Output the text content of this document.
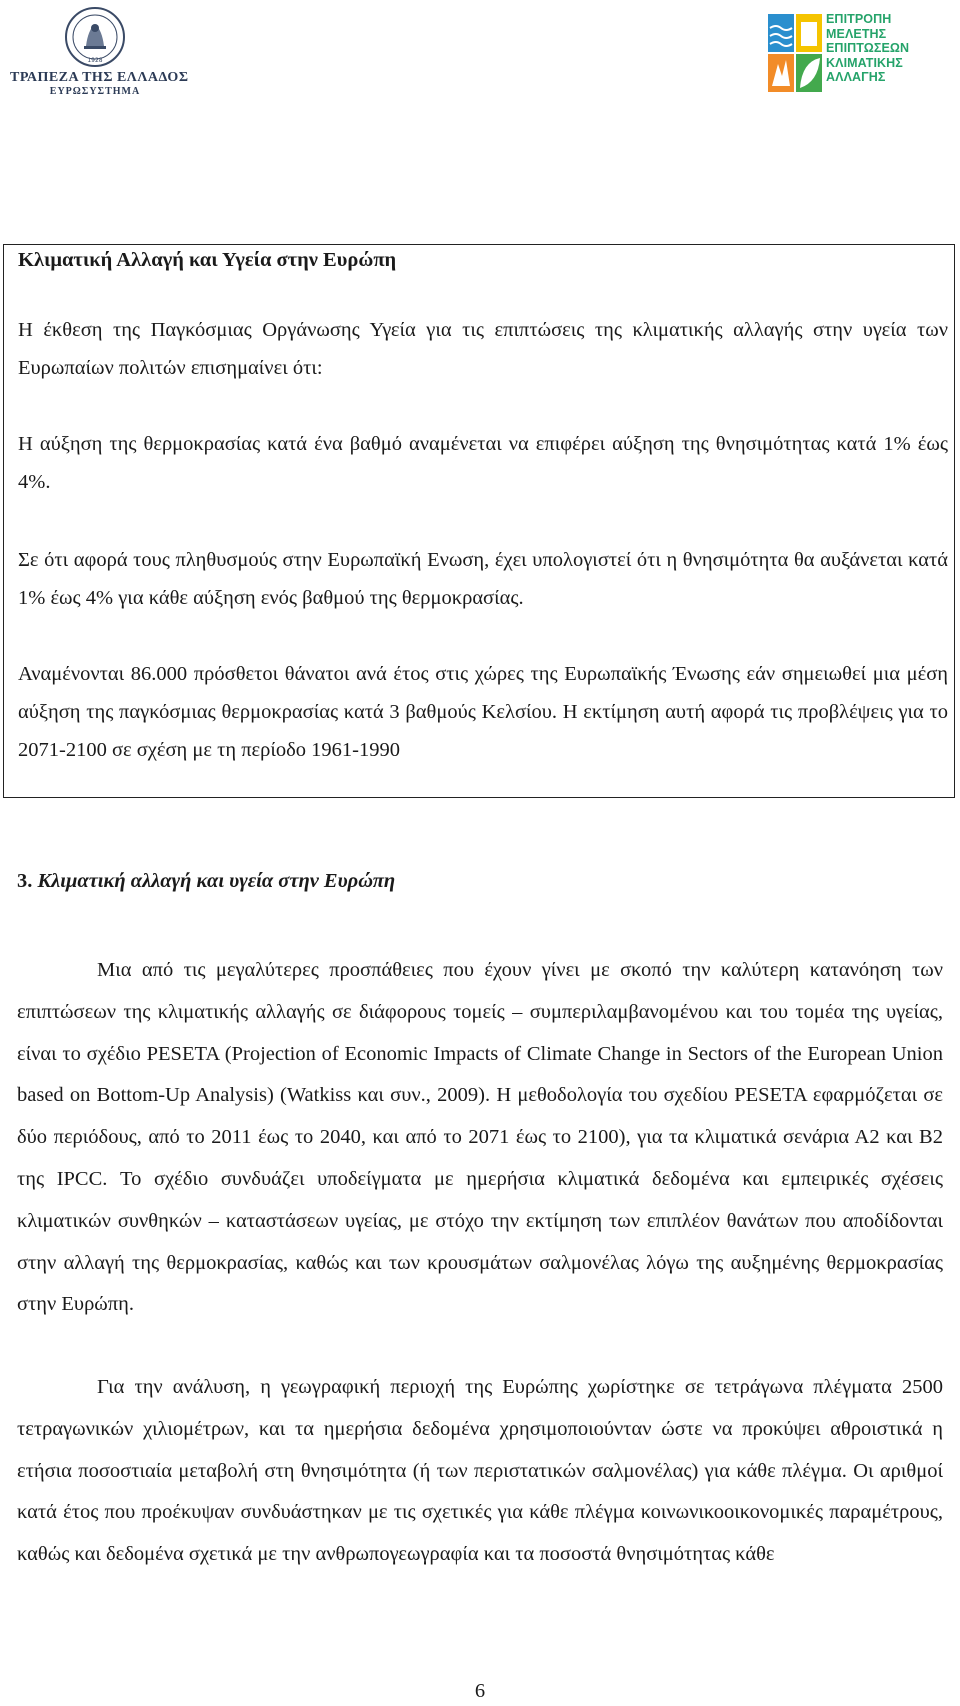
1928
ΤΡΑΠΕΖΑ ΤΗΣ ΕΛΛΑΔΟΣ
ΕΥΡΩΣΥΣΤΗΜΑ
ΕΠΙΤΡΟΠΗ
ΜΕΛΕΤΗΣ
ΕΠΙΠΤΩΣΕΩΝ
ΚΛΙΜΑΤΙΚΗΣ
ΑΛΛΑΓΗΣ
Κλιματική Αλλαγή και Υγεία στην Ευρώπη

Η έκθεση της Παγκόσμιας Οργάνωσης Υγεία για τις επιπτώσεις της κλιματικής αλλαγής στην υγεία των Ευρωπαίων πολιτών επισημαίνει ότι:

Η αύξηση της θερμοκρασίας κατά ένα βαθμό αναμένεται να επιφέρει αύξηση της θνησιμότητας κατά 1% έως 4%.

Σε ότι αφορά τους πληθυσμούς στην Ευρωπαϊκή Ενωση, έχει υπολογιστεί ότι η θνησιμότητα θα αυξάνεται κατά 1% έως 4% για κάθε αύξηση ενός βαθμού της θερμοκρασίας.

Αναμένονται 86.000 πρόσθετοι θάνατοι ανά έτος στις χώρες της Ευρωπαϊκής Ένωσης εάν σημειωθεί μια μέση αύξηση της παγκόσμιας θερμοκρασίας κατά 3 βαθμούς Κελσίου. Η εκτίμηση αυτή αφορά τις προβλέψεις για το 2071-2100 σε σχέση με τη περίοδο 1961-1990

3. Κλιματική αλλαγή και υγεία στην Ευρώπη

Μια από τις μεγαλύτερες προσπάθειες που έχουν γίνει με σκοπό την καλύτερη κατανόηση των επιπτώσεων της κλιματικής αλλαγής σε διάφορους τομείς – συμπεριλαμβανομένου και του τομέα της υγείας, είναι το σχέδιο PESETA (Projection of Economic Impacts of Climate Change in Sectors of the European Union based on Bottom-Up Analysis) (Watkiss και συν., 2009). Η μεθοδολογία του σχεδίου PESETA εφαρμόζεται σε δύο περιόδους, από το 2011 έως το 2040, και από το 2071 έως το 2100), για τα κλιματικά σενάρια Α2 και Β2 της IPCC. Το σχέδιο συνδυάζει υποδείγματα με ημερήσια κλιματικά δεδομένα και εμπειρικές σχέσεις κλιματικών συνθηκών – καταστάσεων υγείας, με στόχο την εκτίμηση των επιπλέον θανάτων που αποδίδονται στην αλλαγή της θερμοκρασίας, καθώς και των κρουσμάτων σαλμονέλας λόγω της αυξημένης θερμοκρασίας στην Ευρώπη.

Για την ανάλυση, η γεωγραφική περιοχή της Ευρώπης χωρίστηκε σε τετράγωνα πλέγματα 2500 τετραγωνικών χιλιομέτρων, και τα ημερήσια δεδομένα χρησιμοποιούνταν ώστε να προκύψει αθροιστικά η ετήσια ποσοστιαία μεταβολή στη θνησιμότητα (ή των περιστατικών σαλμονέλας) για κάθε πλέγμα. Οι αριθμοί κατά έτος που προέκυψαν συνδυάστηκαν με τις σχετικές για κάθε πλέγμα κοινωνικοοικονομικές παραμέτρους, καθώς και δεδομένα σχετικά με την ανθρωπογεωγραφία και τα ποσοστά θνησιμότητας κάθε

6
